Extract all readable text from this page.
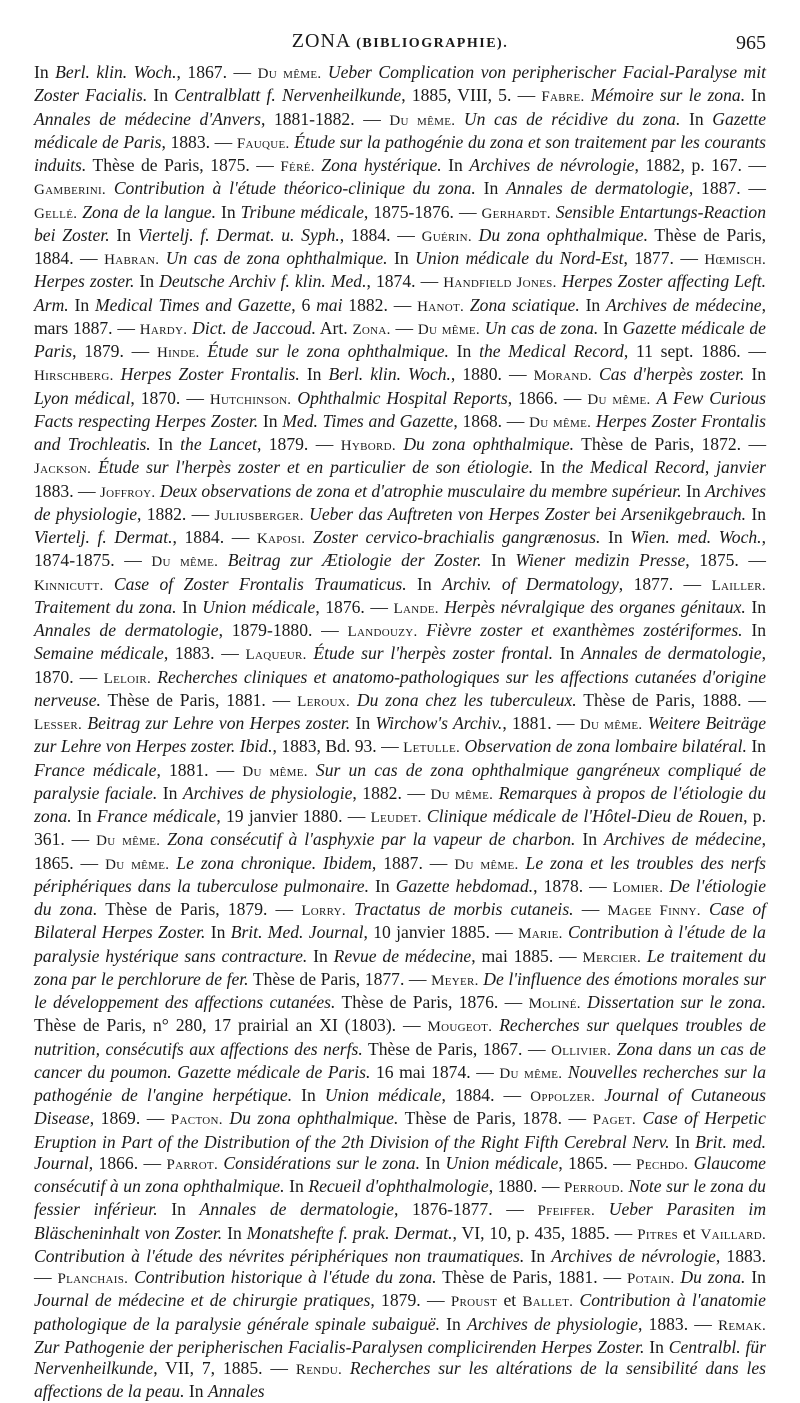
ZONA (BIBLIOGRAPHIE).	965
In Berl. klin. Woch., 1867. — Du même. Ueber Complication von peripherischer Facial-Paralyse mit Zoster Facialis. In Centralblatt f. Nervenheilkunde, 1885, VIII, 5. — Fabre. Mémoire sur le zona. In Annales de médecine d'Anvers, 1881-1882. — Du même. Un cas de récidive du zona. In Gazette médicale de Paris, 1883. — Fauque. Étude sur la pathogénie du zona et son traitement par les courants induits. Thèse de Paris, 1875. — Féré. Zona hystérique. In Archives de névrologie, 1882, p. 167. — Gamberini. Contribution à l'étude théorico-clinique du zona. In Annales de dermatologie, 1887. — Gellé. Zona de la langue. In Tribune médicale, 1875-1876. — Gerhardt. Sensible Entartungs-Reaction bei Zoster. In Viertelj. f. Dermat. u. Syph., 1884. — Guérin. Du zona ophthalmique. Thèse de Paris, 1884. — Habran. Un cas de zona ophthalmique. In Union médicale du Nord-Est, 1877. — Hœmisch. Herpes zoster. In Deutsche Archiv f. klin. Med., 1874. — Handfield Jones. Herpes Zoster affecting Left. Arm. In Medical Times and Gazette, 6 mai 1882. — Hanot. Zona sciatique. In Archives de médecine, mars 1887. — Hardy. Dict. de Jaccoud. Art. Zona. — Du même. Un cas de zona. In Gazette médicale de Paris, 1879. — Hinde. Étude sur le zona ophthalmique. In the Medical Record, 11 sept. 1886. — Hirschberg. Herpes Zoster Frontalis. In Berl. klin. Woch., 1880. — Morand. Cas d'herpès zoster. In Lyon médical, 1870. — Hutchinson. Ophthalmic Hospital Reports, 1866. — Du même. A Few Curious Facts respecting Herpes Zoster. In Med. Times and Gazette, 1868. — Du même. Herpes Zoster Frontalis and Trochleatis. In the Lancet, 1879. — Hybord. Du zona ophthalmique. Thèse de Paris, 1872. — Jackson. Étude sur l'herpès zoster et en particulier de son étiologie. In the Medical Record, janvier 1883. — Joffroy. Deux observations de zona et d'atrophie musculaire du membre supérieur. In Archives de physiologie, 1882. — Juliusberger. Ueber das Auftreten von Herpes Zoster bei Arsenikgebrauch. In Viertelj. f. Dermat., 1884. — Kaposi. Zoster cervico-brachialis gangrænosus. In Wien. med. Woch., 1874-1875. — Du même. Beitrag zur Ætiologie der Zoster. In Wiener medizin Presse, 1875. — Kinnicutt. Case of Zoster Frontalis Traumaticus. In Archiv. of Dermatology, 1877. — Lailler. Traitement du zona. In Union médicale, 1876. — Lande. Herpès névralgique des organes génitaux. In Annales de dermatologie, 1879-1880. — Landouzy. Fièvre zoster et exanthèmes zostériformes. In Semaine médicale, 1883. — Laqueur. Étude sur l'herpès zoster frontal. In Annales de dermatologie, 1870. — Leloir. Recherches cliniques et anatomo-pathologiques sur les affections cutanées d'origine nerveuse. Thèse de Paris, 1881. — Leroux. Du zona chez les tuberculeux. Thèse de Paris, 1888. — Lesser. Beitrag zur Lehre von Herpes zoster. In Wirchow's Archiv., 1881. — Du même. Weitere Beiträge zur Lehre von Herpes zoster. Ibid., 1883, Bd. 93. — Letulle. Observation de zona lombaire bilatéral. In France médicale, 1881. — Du même. Sur un cas de zona ophthalmique gangréneux compliqué de paralysie faciale. In Archives de physiologie, 1882. — Du même. Remarques à propos de l'étiologie du zona. In France médicale, 19 janvier 1880. — Leudet. Clinique médicale de l'Hôtel-Dieu de Rouen, p. 361. — Du même. Zona consécutif à l'asphyxie par la vapeur de charbon. In Archives de médecine, 1865. — Du même. Le zona chronique. Ibidem, 1887. — Du même. Le zona et les troubles des nerfs périphériques dans la tuberculose pulmonaire. In Gazette hebdomad., 1878. — Lomier. De l'étiologie du zona. Thèse de Paris, 1879. — Lorry. Tractatus de morbis cutaneis. — Magee Finny. Case of Bilateral Herpes Zoster. In Brit. Med. Journal, 10 janvier 1885. — Marie. Contribution à l'étude de la paralysie hystérique sans contracture. In Revue de médecine, mai 1885. — Mercier. Le traitement du zona par le perchlorure de fer. Thèse de Paris, 1877. — Meyer. De l'influence des émotions morales sur le développement des affections cutanées. Thèse de Paris, 1876. — Moliné. Dissertation sur le zona. Thèse de Paris, n° 280, 17 prairial an XI (1803). — Mougeot. Recherches sur quelques troubles de nutrition, consécutifs aux affections des nerfs. Thèse de Paris, 1867. — Ollivier. Zona dans un cas de cancer du poumon. Gazette médicale de Paris. 16 mai 1874. — Du même. Nouvelles recherches sur la pathogénie de l'angine herpétique. In Union médicale, 1884. — Oppolzer. Journal of Cutaneous Disease, 1869. — Pacton. Du zona ophthalmique. Thèse de Paris, 1878. — Paget. Case of Herpetic Eruption in Part of the Distribution of the 2th Division of the Right Fifth Cerebral Nerv. In Brit. med. Journal, 1866. — Parrot. Considérations sur le zona. In Union médicale, 1865. — Pechdo. Glaucome consécutif à un zona ophthalmique. In Recueil d'ophthalmologie, 1880. — Perroud. Note sur le zona du fessier inférieur. In Annales de dermatologie, 1876-1877. — Pfeiffer. Ueber Parasiten im Bläscheninhalt von Zoster. In Monatshefte f. prak. Dermat., VI, 10, p. 435, 1885. — Pitres et Vaillard. Contribution à l'étude des névrites périphériques non traumatiques. In Archives de névrologie, 1883. — Planchais. Contribution historique à l'étude du zona. Thèse de Paris, 1881. — Potain. Du zona. In Journal de médecine et de chirurgie pratiques, 1879. — Proust et Ballet. Contribution à l'anatomie pathologique de la paralysie générale spinale subaiguë. In Archives de physiologie, 1883. — Remak. Zur Pathogenie der peripherischen Facialis-Paralysen complicirenden Herpes Zoster. In Centralbl. für Nervenheilkunde, VII, 7, 1885. — Rendu. Recherches sur les altérations de la sensibilité dans les affections de la peau. In Annales
